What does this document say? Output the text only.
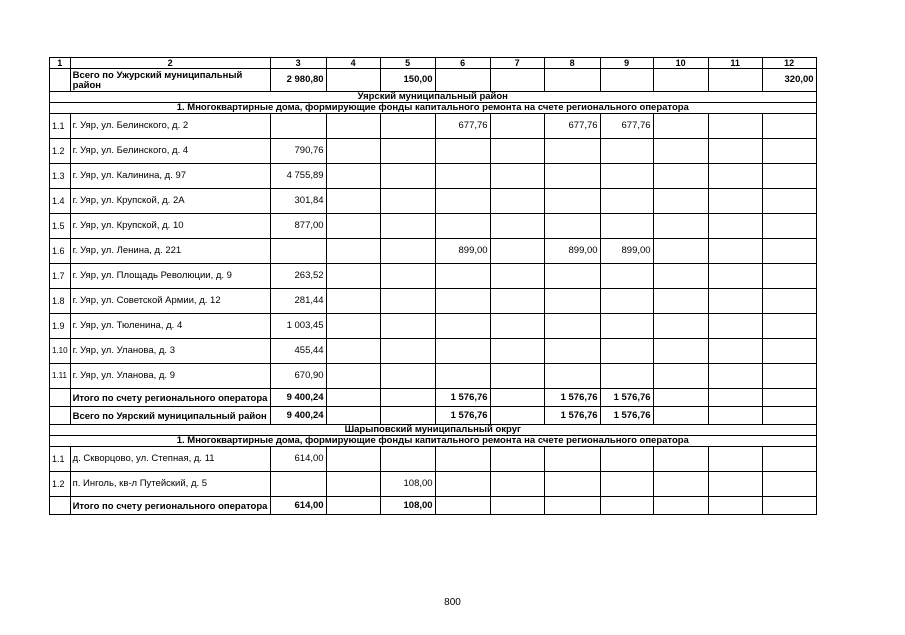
1	2	3	4	5	6	7	8	9	10	11	12
	Всего по Ужурский муниципальный район	2 980,80		150,00							320,00
Уярский муниципальный район											
1. Многоквартирные дома, формирующие фонды капитального ремонта на счете регионального оператора											
1.1	г. Уяр, ул. Белинского, д. 2				677,76		677,76	677,76			
1.2	г. Уяр, ул. Белинского, д. 4	790,76									
1.3	г. Уяр, ул. Калинина, д. 97	4 755,89									
1.4	г. Уяр, ул. Крупской, д. 2А	301,84									
1.5	г. Уяр, ул. Крупской, д. 10	877,00									
1.6	г. Уяр, ул. Ленина, д. 221				899,00		899,00	899,00			
1.7	г. Уяр, ул. Площадь Революции, д. 9	263,52									
1.8	г. Уяр, ул. Советской Армии, д. 12	281,44									
1.9	г. Уяр, ул. Тюленина, д. 4	1 003,45									
1.10	г. Уяр, ул. Уланова, д. 3	455,44									
1.11	г. Уяр, ул. Уланова, д. 9	670,90									
	Итого по счету регионального оператора	9 400,24			1 576,76		1 576,76	1 576,76			
	Всего по Уярский муниципальный район	9 400,24			1 576,76		1 576,76	1 576,76			
Шарыповский муниципальный округ											
1. Многоквартирные дома, формирующие фонды капитального ремонта на счете регионального оператора											
1.1	д. Скворцово, ул. Степная, д. 11	614,00									
1.2	п. Инголь, кв-л Путейский, д. 5			108,00							
	Итого по счету регионального оператора	614,00		108,00							
800
